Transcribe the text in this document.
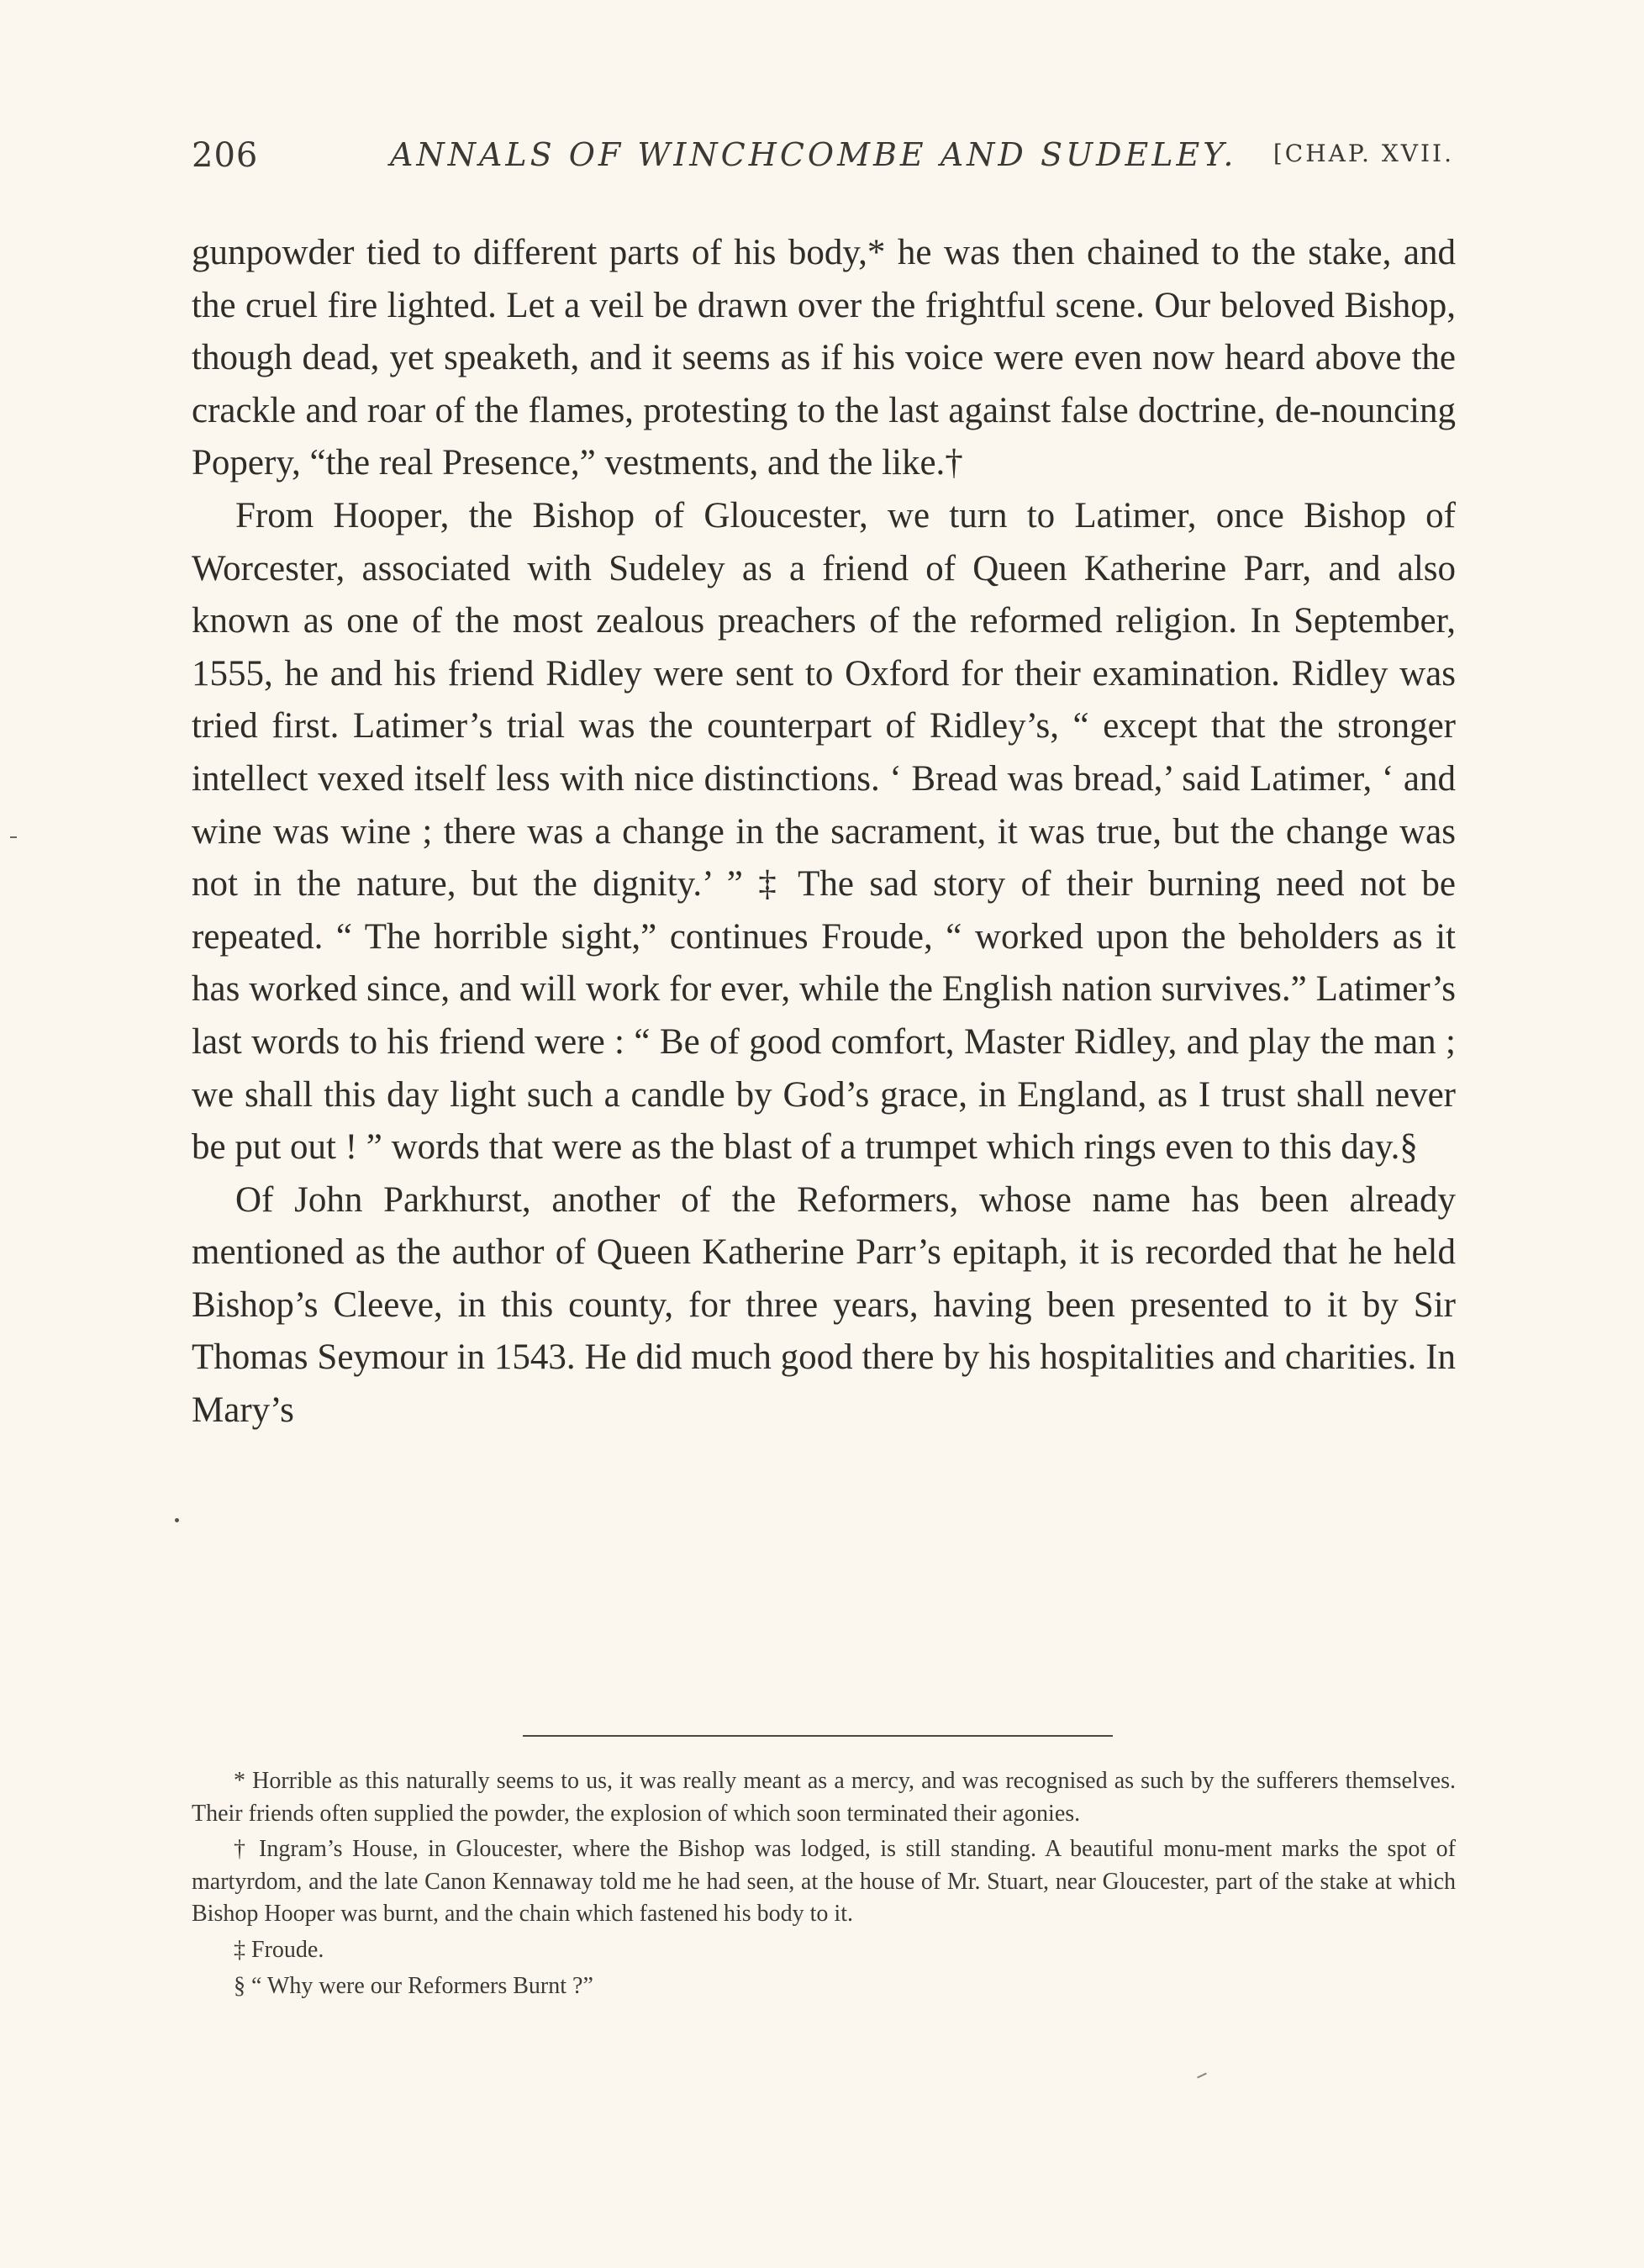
206	ANNALS OF WINCHCOMBE AND SUDELEY. [CHAP. XVII.

gunpowder tied to different parts of his body,* he was then chained to the stake, and the cruel fire lighted. Let a veil be drawn over the frightful scene. Our beloved Bishop, though dead, yet speaketh, and it seems as if his voice were even now heard above the crackle and roar of the flames, protesting to the last against false doctrine, de-nouncing Popery, “the real Presence,” vestments, and the like.†

From Hooper, the Bishop of Gloucester, we turn to Latimer, once Bishop of Worcester, associated with Sudeley as a friend of Queen Katherine Parr, and also known as one of the most zealous preachers of the reformed religion. In September, 1555, he and his friend Ridley were sent to Oxford for their examination. Ridley was tried first. Latimer’s trial was the counterpart of Ridley’s, “ except that the stronger intellect vexed itself less with nice distinctions. ‘ Bread was bread,’ said Latimer, ‘ and wine was wine ; there was a change in the sacrament, it was true, but the change was not in the nature, but the dignity.’ ” ‡ The sad story of their burning need not be repeated. “ The horrible sight,” continues Froude, “ worked upon the beholders as it has worked since, and will work for ever, while the English nation survives.” Latimer’s last words to his friend were : “ Be of good comfort, Master Ridley, and play the man ; we shall this day light such a candle by God’s grace, in England, as I trust shall never be put out ! ” words that were as the blast of a trumpet which rings even to this day.§

Of John Parkhurst, another of the Reformers, whose name has been already mentioned as the author of Queen Katherine Parr’s epitaph, it is recorded that he held Bishop’s Cleeve, in this county, for three years, having been presented to it by Sir Thomas Seymour in 1543. He did much good there by his hospitalities and charities. In Mary’s

* Horrible as this naturally seems to us, it was really meant as a mercy, and was recognised as such by the sufferers themselves. Their friends often supplied the powder, the explosion of which soon terminated their agonies.

† Ingram’s House, in Gloucester, where the Bishop was lodged, is still standing. A beautiful monu-ment marks the spot of martyrdom, and the late Canon Kennaway told me he had seen, at the house of Mr. Stuart, near Gloucester, part of the stake at which Bishop Hooper was burnt, and the chain which fastened his body to it.

‡ Froude.

§ “ Why were our Reformers Burnt ?”
